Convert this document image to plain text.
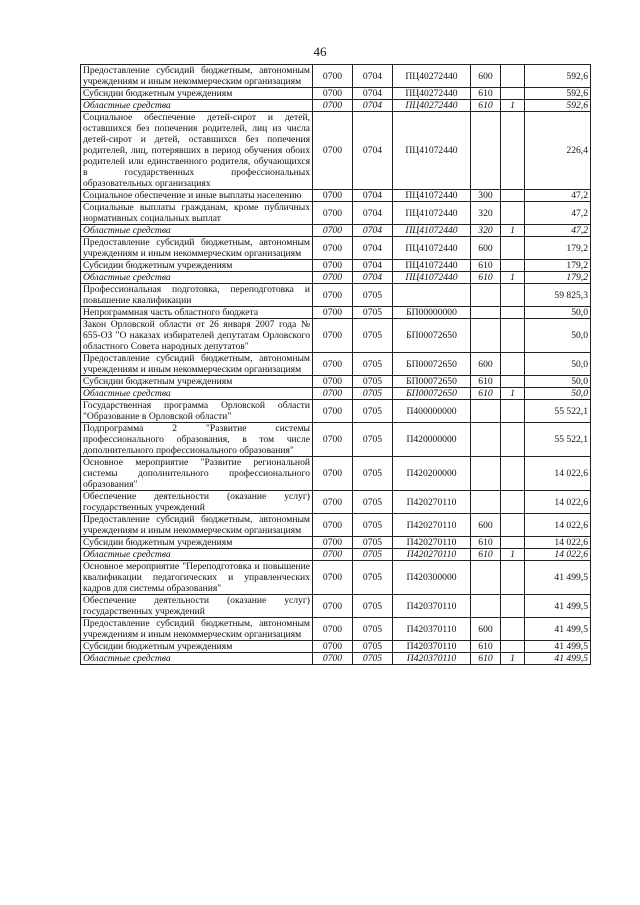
46
Предоставление субсидий бюджетным, автономным учреждениям и иным некоммерческим организациям	0700	0704	ПЦ40272440	600		592,6
Субсидии бюджетным учреждениям	0700	0704	ПЦ40272440	610		592,6
Областные средства	0700	0704	ПЦ40272440	610	1	592,6
Социальное обеспечение детей-сирот и детей, оставшихся без попечения родителей, лиц из числа детей-сирот и детей, оставшихся без попечения родителей, лиц, потерявших в период обучения обоих родителей или единственного родителя, обучающихся в государственных профессиональных образовательных организациях	0700	0704	ПЦ41072440			226,4
Социальное обеспечение и иные выплаты населению	0700	0704	ПЦ41072440	300		47,2
Социальные выплаты гражданам, кроме публичных нормативных социальных выплат	0700	0704	ПЦ41072440	320		47,2
Областные средства	0700	0704	ПЦ41072440	320	1	47,2
Предоставление субсидий бюджетным, автономным учреждениям и иным некоммерческим организациям	0700	0704	ПЦ41072440	600		179,2
Субсидии бюджетным учреждениям	0700	0704	ПЦ41072440	610		179,2
Областные средства	0700	0704	ПЦ41072440	610	1	179,2
Профессиональная подготовка, переподготовка и повышение квалификации	0700	0705				59 825,3
Непрограммная часть областного бюджета	0700	0705	БП00000000			50,0
Закон Орловской области от 26 января 2007 года № 655-ОЗ "О наказах избирателей депутатам Орловского областного Совета народных депутатов"	0700	0705	БП00072650			50,0
Предоставление субсидий бюджетным, автономным учреждениям и иным некоммерческим организациям	0700	0705	БП00072650	600		50,0
Субсидии бюджетным учреждениям	0700	0705	БП00072650	610		50,0
Областные средства	0700	0705	БП00072650	610	1	50,0
Государственная программа Орловской области "Образование в Орловской области"	0700	0705	П400000000			55 522,1
Подпрограмма 2 "Развитие системы профессионального образования, в том числе дополнительного профессионального образования"	0700	0705	П420000000			55 522,1
Основное мероприятие "Развитие региональной системы дополнительного профессионального образования"	0700	0705	П420200000			14 022,6
Обеспечение деятельности (оказание услуг) государственных учреждений	0700	0705	П420270110			14 022,6
Предоставление субсидий бюджетным, автономным учреждениям и иным некоммерческим организациям	0700	0705	П420270110	600		14 022,6
Субсидии бюджетным учреждениям	0700	0705	П420270110	610		14 022,6
Областные средства	0700	0705	П420270110	610	1	14 022,6
Основное мероприятие "Переподготовка и повышение квалификации педагогических и управленческих кадров для системы образования"	0700	0705	П420300000			41 499,5
Обеспечение деятельности (оказание услуг) государственных учреждений	0700	0705	П420370110			41 499,5
Предоставление субсидий бюджетным, автономным учреждениям и иным некоммерческим организациям	0700	0705	П420370110	600		41 499,5
Субсидии бюджетным учреждениям	0700	0705	П420370110	610		41 499,5
Областные средства	0700	0705	П420370110	610	1	41 499,5
